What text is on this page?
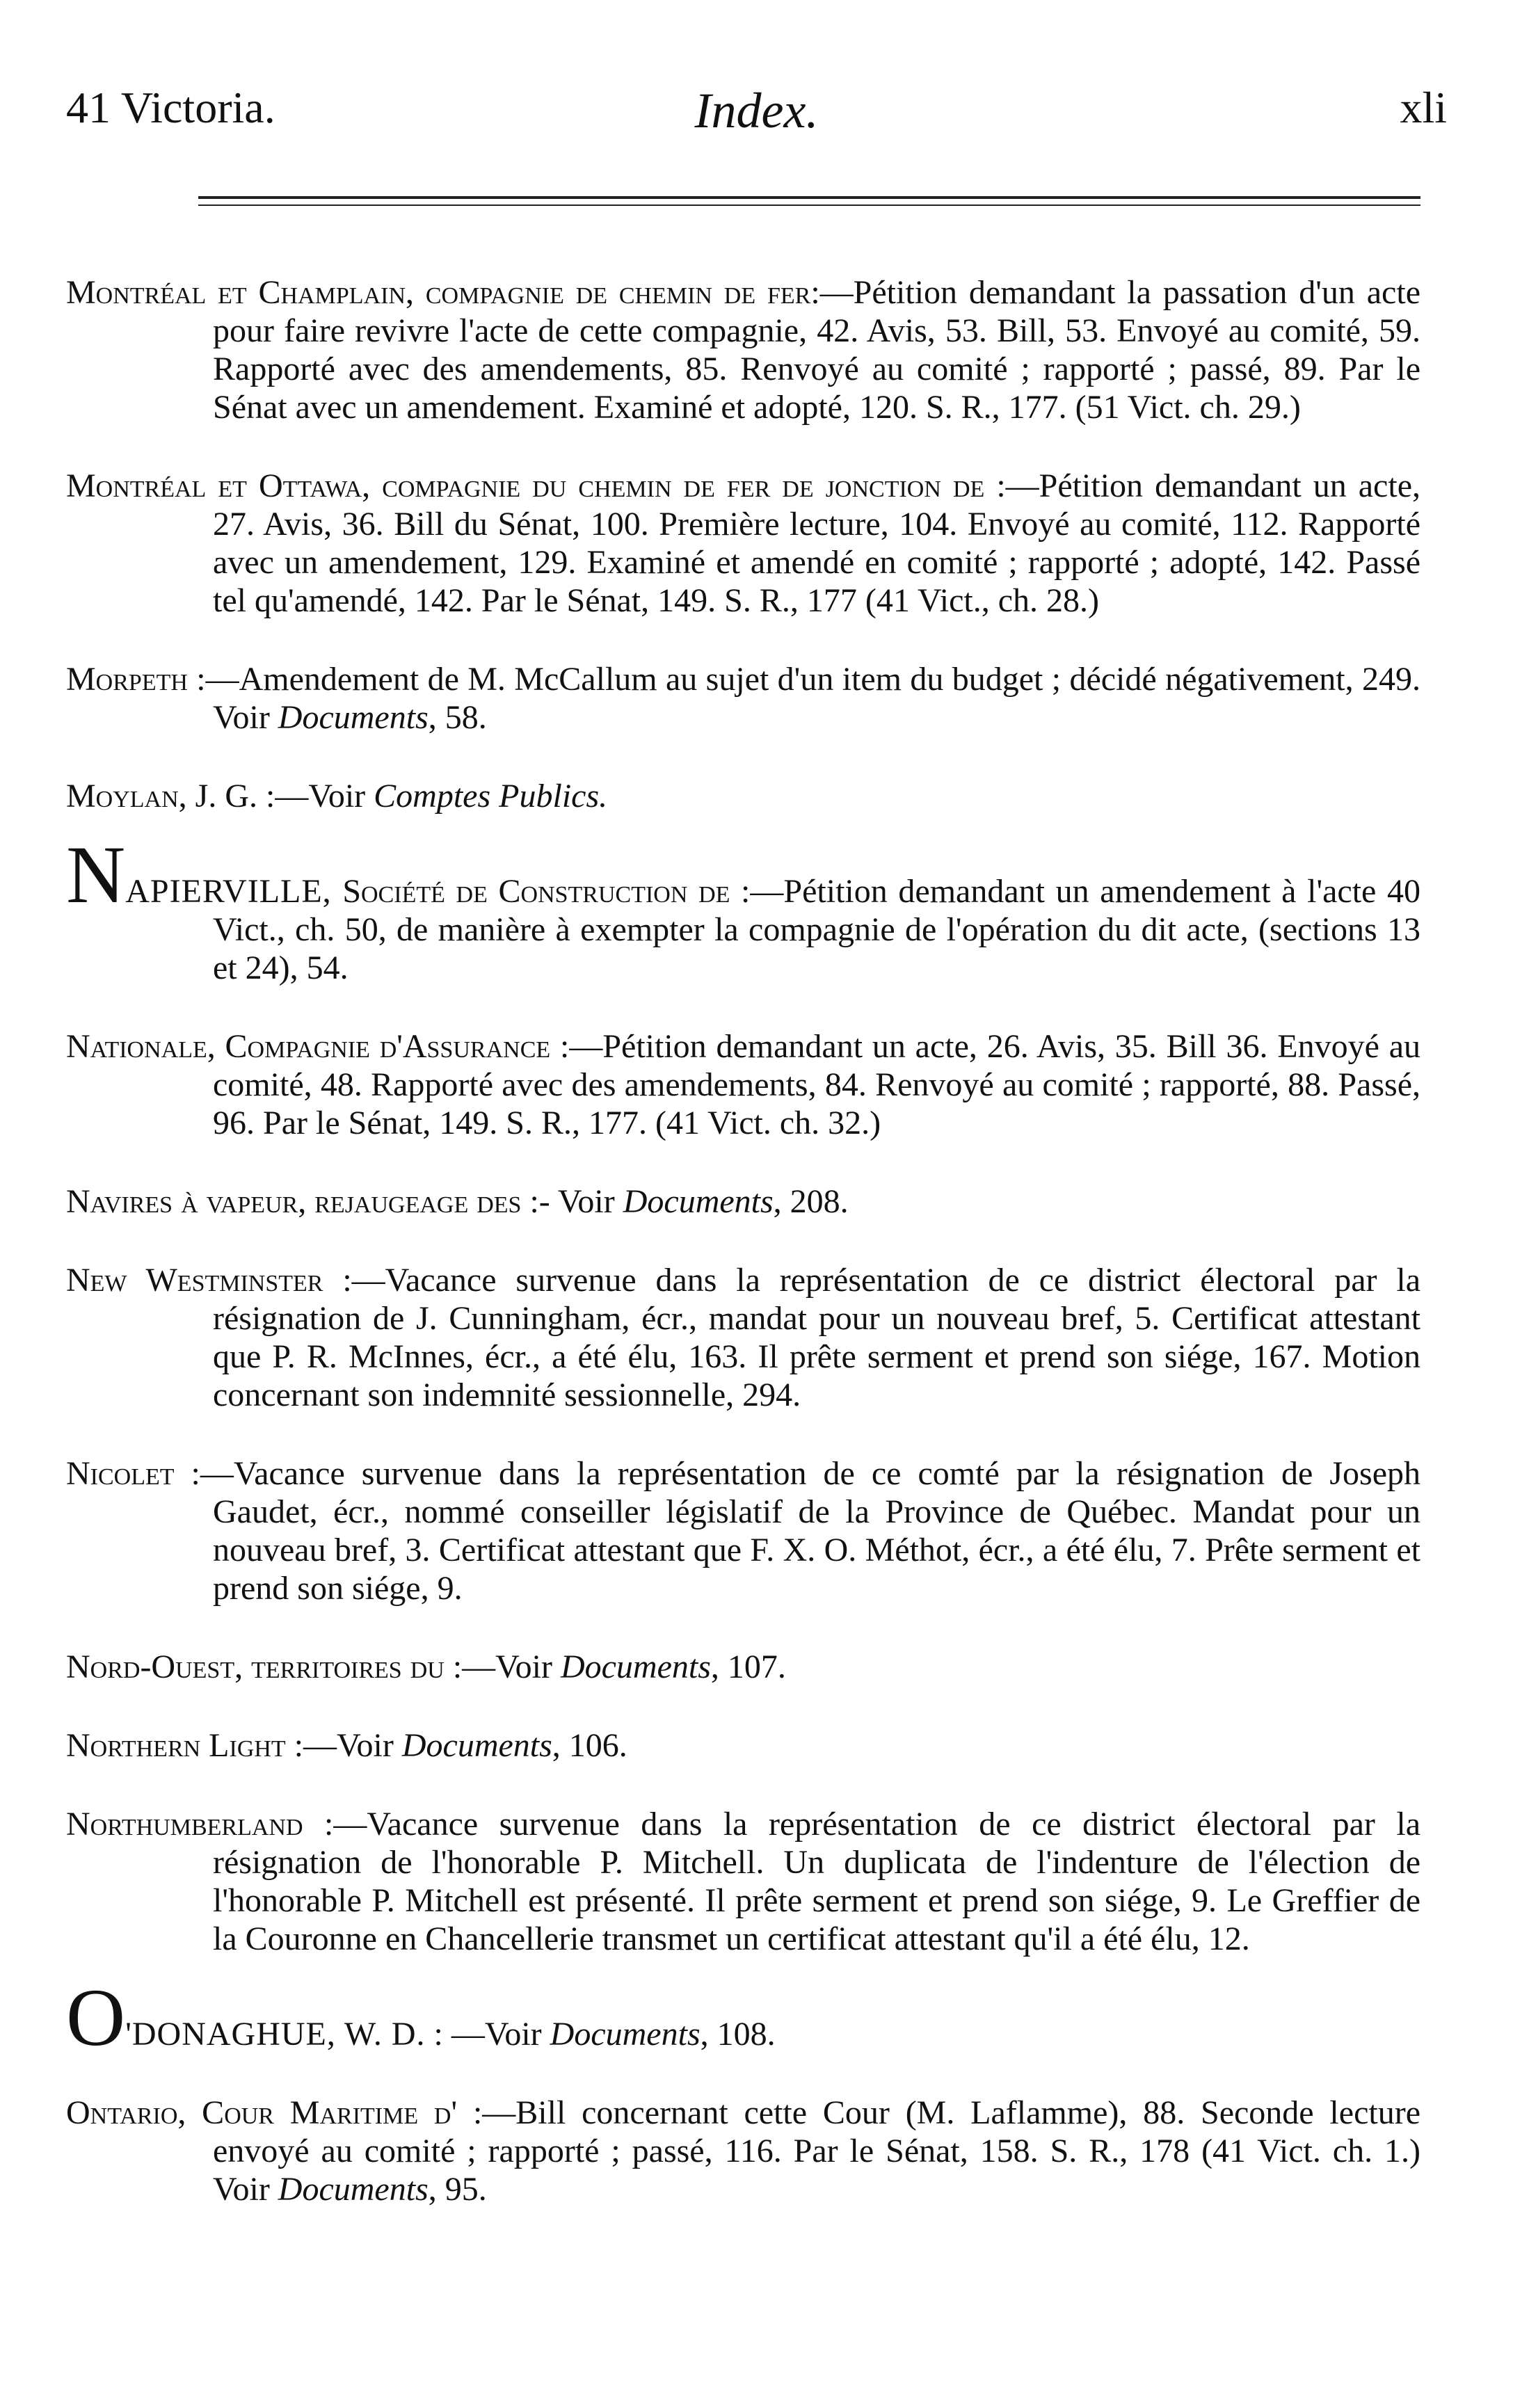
41 Victoria.	Index.	xli

Montréal et Champlain, compagnie de chemin de fer:—Pétition demandant la passation d'un acte pour faire revivre l'acte de cette compagnie, 42. Avis, 53. Bill, 53. Envoyé au comité, 59. Rapporté avec des amendements, 85. Renvoyé au comité ; rapporté ; passé, 89. Par le Sénat avec un amendement. Examiné et adopté, 120. S. R., 177. (51 Vict. ch. 29.)

Montréal et Ottawa, compagnie du chemin de fer de jonction de :—Pétition demandant un acte, 27. Avis, 36. Bill du Sénat, 100. Première lecture, 104. Envoyé au comité, 112. Rapporté avec un amendement, 129. Examiné et amendé en comité ; rapporté ; adopté, 142. Passé tel qu'amendé, 142. Par le Sénat, 149. S. R., 177 (41 Vict., ch. 28.)

Morpeth :—Amendement de M. McCallum au sujet d'un item du budget ; décidé négativement, 249. Voir Documents, 58.

Moylan, J. G. :—Voir Comptes Publics.

NAPIERVILLE, Société de Construction de :—Pétition demandant un amendement à l'acte 40 Vict., ch. 50, de manière à exempter la compagnie de l'opération du dit acte, (sections 13 et 24), 54.

Nationale, Compagnie d'Assurance :—Pétition demandant un acte, 26. Avis, 35. Bill 36. Envoyé au comité, 48. Rapporté avec des amendements, 84. Renvoyé au comité ; rapporté, 88. Passé, 96. Par le Sénat, 149. S. R., 177. (41 Vict. ch. 32.)

Navires à vapeur, rejaugeage des :- Voir Documents, 208.

New Westminster :—Vacance survenue dans la représentation de ce district électoral par la résignation de J. Cunningham, écr., mandat pour un nouveau bref, 5. Certificat attestant que P. R. McInnes, écr., a été élu, 163. Il prête serment et prend son siége, 167. Motion concernant son indemnité sessionnelle, 294.

Nicolet :—Vacance survenue dans la représentation de ce comté par la résignation de Joseph Gaudet, écr., nommé conseiller législatif de la Province de Québec. Mandat pour un nouveau bref, 3. Certificat attestant que F. X. O. Méthot, écr., a été élu, 7. Prête serment et prend son siége, 9.

Nord-Ouest, territoires du :—Voir Documents, 107.

Northern Light :—Voir Documents, 106.

Northumberland :—Vacance survenue dans la représentation de ce district électoral par la résignation de l'honorable P. Mitchell. Un duplicata de l'indenture de l'élection de l'honorable P. Mitchell est présenté. Il prête serment et prend son siége, 9. Le Greffier de la Couronne en Chancellerie transmet un certificat attestant qu'il a été élu, 12.

O'DONAGHUE, W. D. : —Voir Documents, 108.

Ontario, Cour Maritime d' :—Bill concernant cette Cour (M. Laflamme), 88. Seconde lecture envoyé au comité ; rapporté ; passé, 116. Par le Sénat, 158. S. R., 178 (41 Vict. ch. 1.) Voir Documents, 95.
